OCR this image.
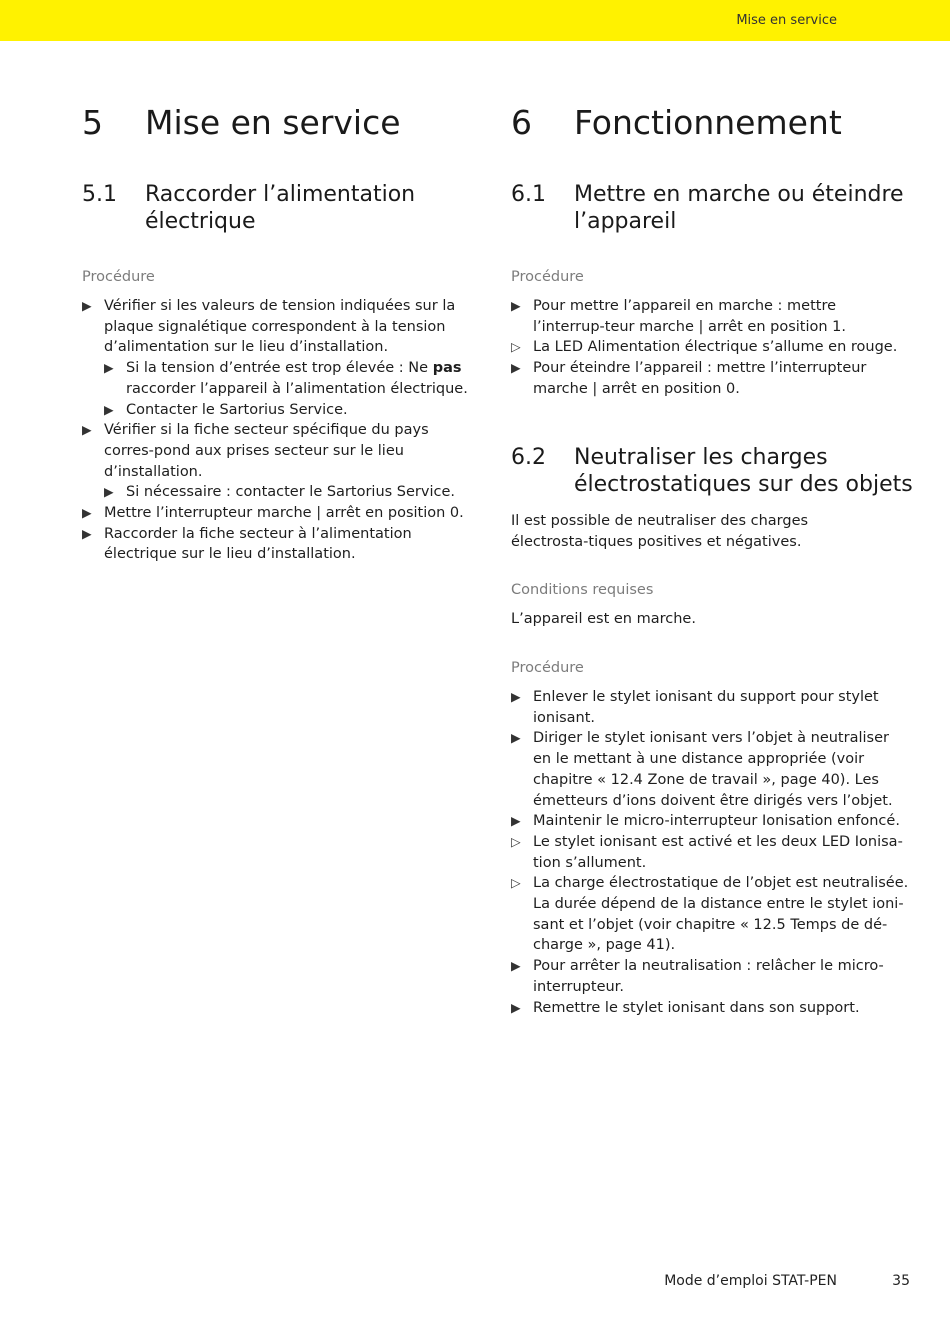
Mise en service
5 Mise en service
5.1 Raccorder l’alimentation électrique
Procédure
▶ Vérifier si les valeurs de tension indiquées sur la plaque signalétique correspondent à la tension d’alimentation sur le lieu d’installation.
▶ Si la tension d’entrée est trop élevée : Ne pas raccorder l’appareil à l’alimentation électrique.
▶ Contacter le Sartorius Service.
▶ Vérifier si la fiche secteur spécifique du pays corres-pond aux prises secteur sur le lieu d’installation.
▶ Si nécessaire : contacter le Sartorius Service.
▶ Mettre l’interrupteur marche | arrêt en position 0.
▶ Raccorder la fiche secteur à l’alimentation électrique sur le lieu d’installation.
6 Fonctionnement
6.1 Mettre en marche ou éteindre l’appareil
Procédure
▶ Pour mettre l’appareil en marche : mettre l’interrup-teur marche | arrêt en position 1.
▷ La LED Alimentation électrique s’allume en rouge.
▶ Pour éteindre l’appareil : mettre l’interrupteur marche | arrêt en position 0.
6.2 Neutraliser les charges électrostatiques sur des objets
Il est possible de neutraliser des charges électrosta-tiques positives et négatives.
Conditions requises
L’appareil est en marche.
Procédure
▶ Enlever le stylet ionisant du support pour stylet ionisant.
▶ Diriger le stylet ionisant vers l’objet à neutraliser en le mettant à une distance appropriée (voir chapitre « 12.4 Zone de travail », page 40). Les émetteurs d’ions doivent être dirigés vers l’objet.
▶ Maintenir le micro-interrupteur Ionisation enfoncé.
▷ Le stylet ionisant est activé et les deux LED Ionisa-tion s’allument.
▷ La charge électrostatique de l’objet est neutralisée. La durée dépend de la distance entre le stylet ioni-sant et l’objet (voir chapitre « 12.5 Temps de dé-charge », page 41).
▶ Pour arrêter la neutralisation : relâcher le micro-interrupteur.
▶ Remettre le stylet ionisant dans son support.
Mode d’emploi STAT-PEN	35
